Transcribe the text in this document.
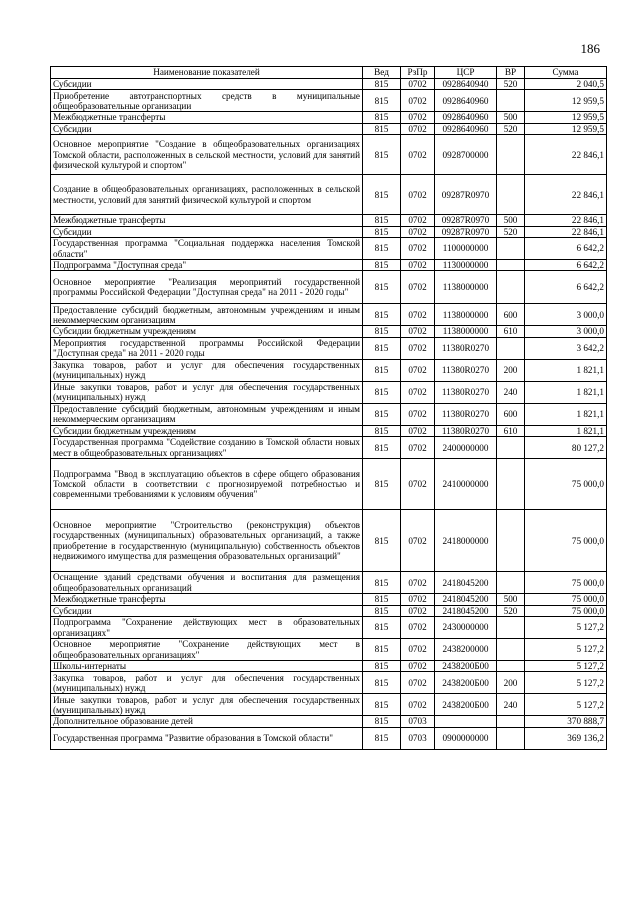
186
Наименование показателей	Вед	РзПр	ЦСР	ВР	Сумма
Субсидии	815	0702	0928640940	520	2 040,5
Приобретение автотранспортных средств в муниципальные общеобразовательные организации	815	0702	0928640960		12 959,5
Межбюджетные трансферты	815	0702	0928640960	500	12 959,5
Субсидии	815	0702	0928640960	520	12 959,5
Основное мероприятие "Создание в общеобразовательных организациях Томской области, расположенных в сельской местности, условий для занятий физической культурой и спортом"	815	0702	0928700000		22 846,1
Создание в общеобразовательных организациях, расположенных в сельской местности, условий для занятий физической культурой и спортом	815	0702	09287R0970		22 846,1
Межбюджетные трансферты	815	0702	09287R0970	500	22 846,1
Субсидии	815	0702	09287R0970	520	22 846,1
Государственная программа "Социальная поддержка населения Томской области"	815	0702	1100000000		6 642,2
Подпрограмма "Доступная среда"	815	0702	1130000000		6 642,2
Основное мероприятие "Реализация мероприятий государственной программы Российской Федерации "Доступная среда" на 2011 - 2020 годы"	815	0702	1138000000		6 642,2
Предоставление субсидий бюджетным, автономным учреждениям и иным некоммерческим организациям	815	0702	1138000000	600	3 000,0
Субсидии бюджетным учреждениям	815	0702	1138000000	610	3 000,0
Мероприятия государственной программы Российской Федерации "Доступная среда" на 2011 - 2020 годы	815	0702	11380R0270		3 642,2
Закупка товаров, работ и услуг для обеспечения государственных (муниципальных) нужд	815	0702	11380R0270	200	1 821,1
Иные закупки товаров, работ и услуг для обеспечения государственных (муниципальных) нужд	815	0702	11380R0270	240	1 821,1
Предоставление субсидий бюджетным, автономным учреждениям и иным некоммерческим организациям	815	0702	11380R0270	600	1 821,1
Субсидии бюджетным учреждениям	815	0702	11380R0270	610	1 821,1
Государственная программа "Содействие созданию в Томской области новых мест в общеобразовательных организациях"	815	0702	2400000000		80 127,2
Подпрограмма "Ввод в эксплуатацию объектов в сфере общего образования Томской области в соответствии с прогнозируемой потребностью и современными требованиями к условиям обучения"	815	0702	2410000000		75 000,0
Основное мероприятие "Строительство (реконструкция) объектов государственных (муниципальных) образовательных организаций, а также приобретение в государственную (муниципальную) собственность объектов недвижимого имущества для размещения образовательных организаций"	815	0702	2418000000		75 000,0
Оснащение зданий средствами обучения и воспитания для размещения общеобразовательных организаций	815	0702	2418045200		75 000,0
Межбюджетные трансферты	815	0702	2418045200	500	75 000,0
Субсидии	815	0702	2418045200	520	75 000,0
Подпрограмма "Сохранение действующих мест в образовательных организациях"	815	0702	2430000000		5 127,2
Основное мероприятие "Сохранение действующих мест в общеобразовательных организациях"	815	0702	2438200000		5 127,2
Школы-интернаты	815	0702	2438200Б00		5 127,2
Закупка товаров, работ и услуг для обеспечения государственных (муниципальных) нужд	815	0702	2438200Б00	200	5 127,2
Иные закупки товаров, работ и услуг для обеспечения государственных (муниципальных) нужд	815	0702	2438200Б00	240	5 127,2
Дополнительное образование детей	815	0703			370 888,7
Государственная программа "Развитие образования в Томской области"	815	0703	0900000000		369 136,2
